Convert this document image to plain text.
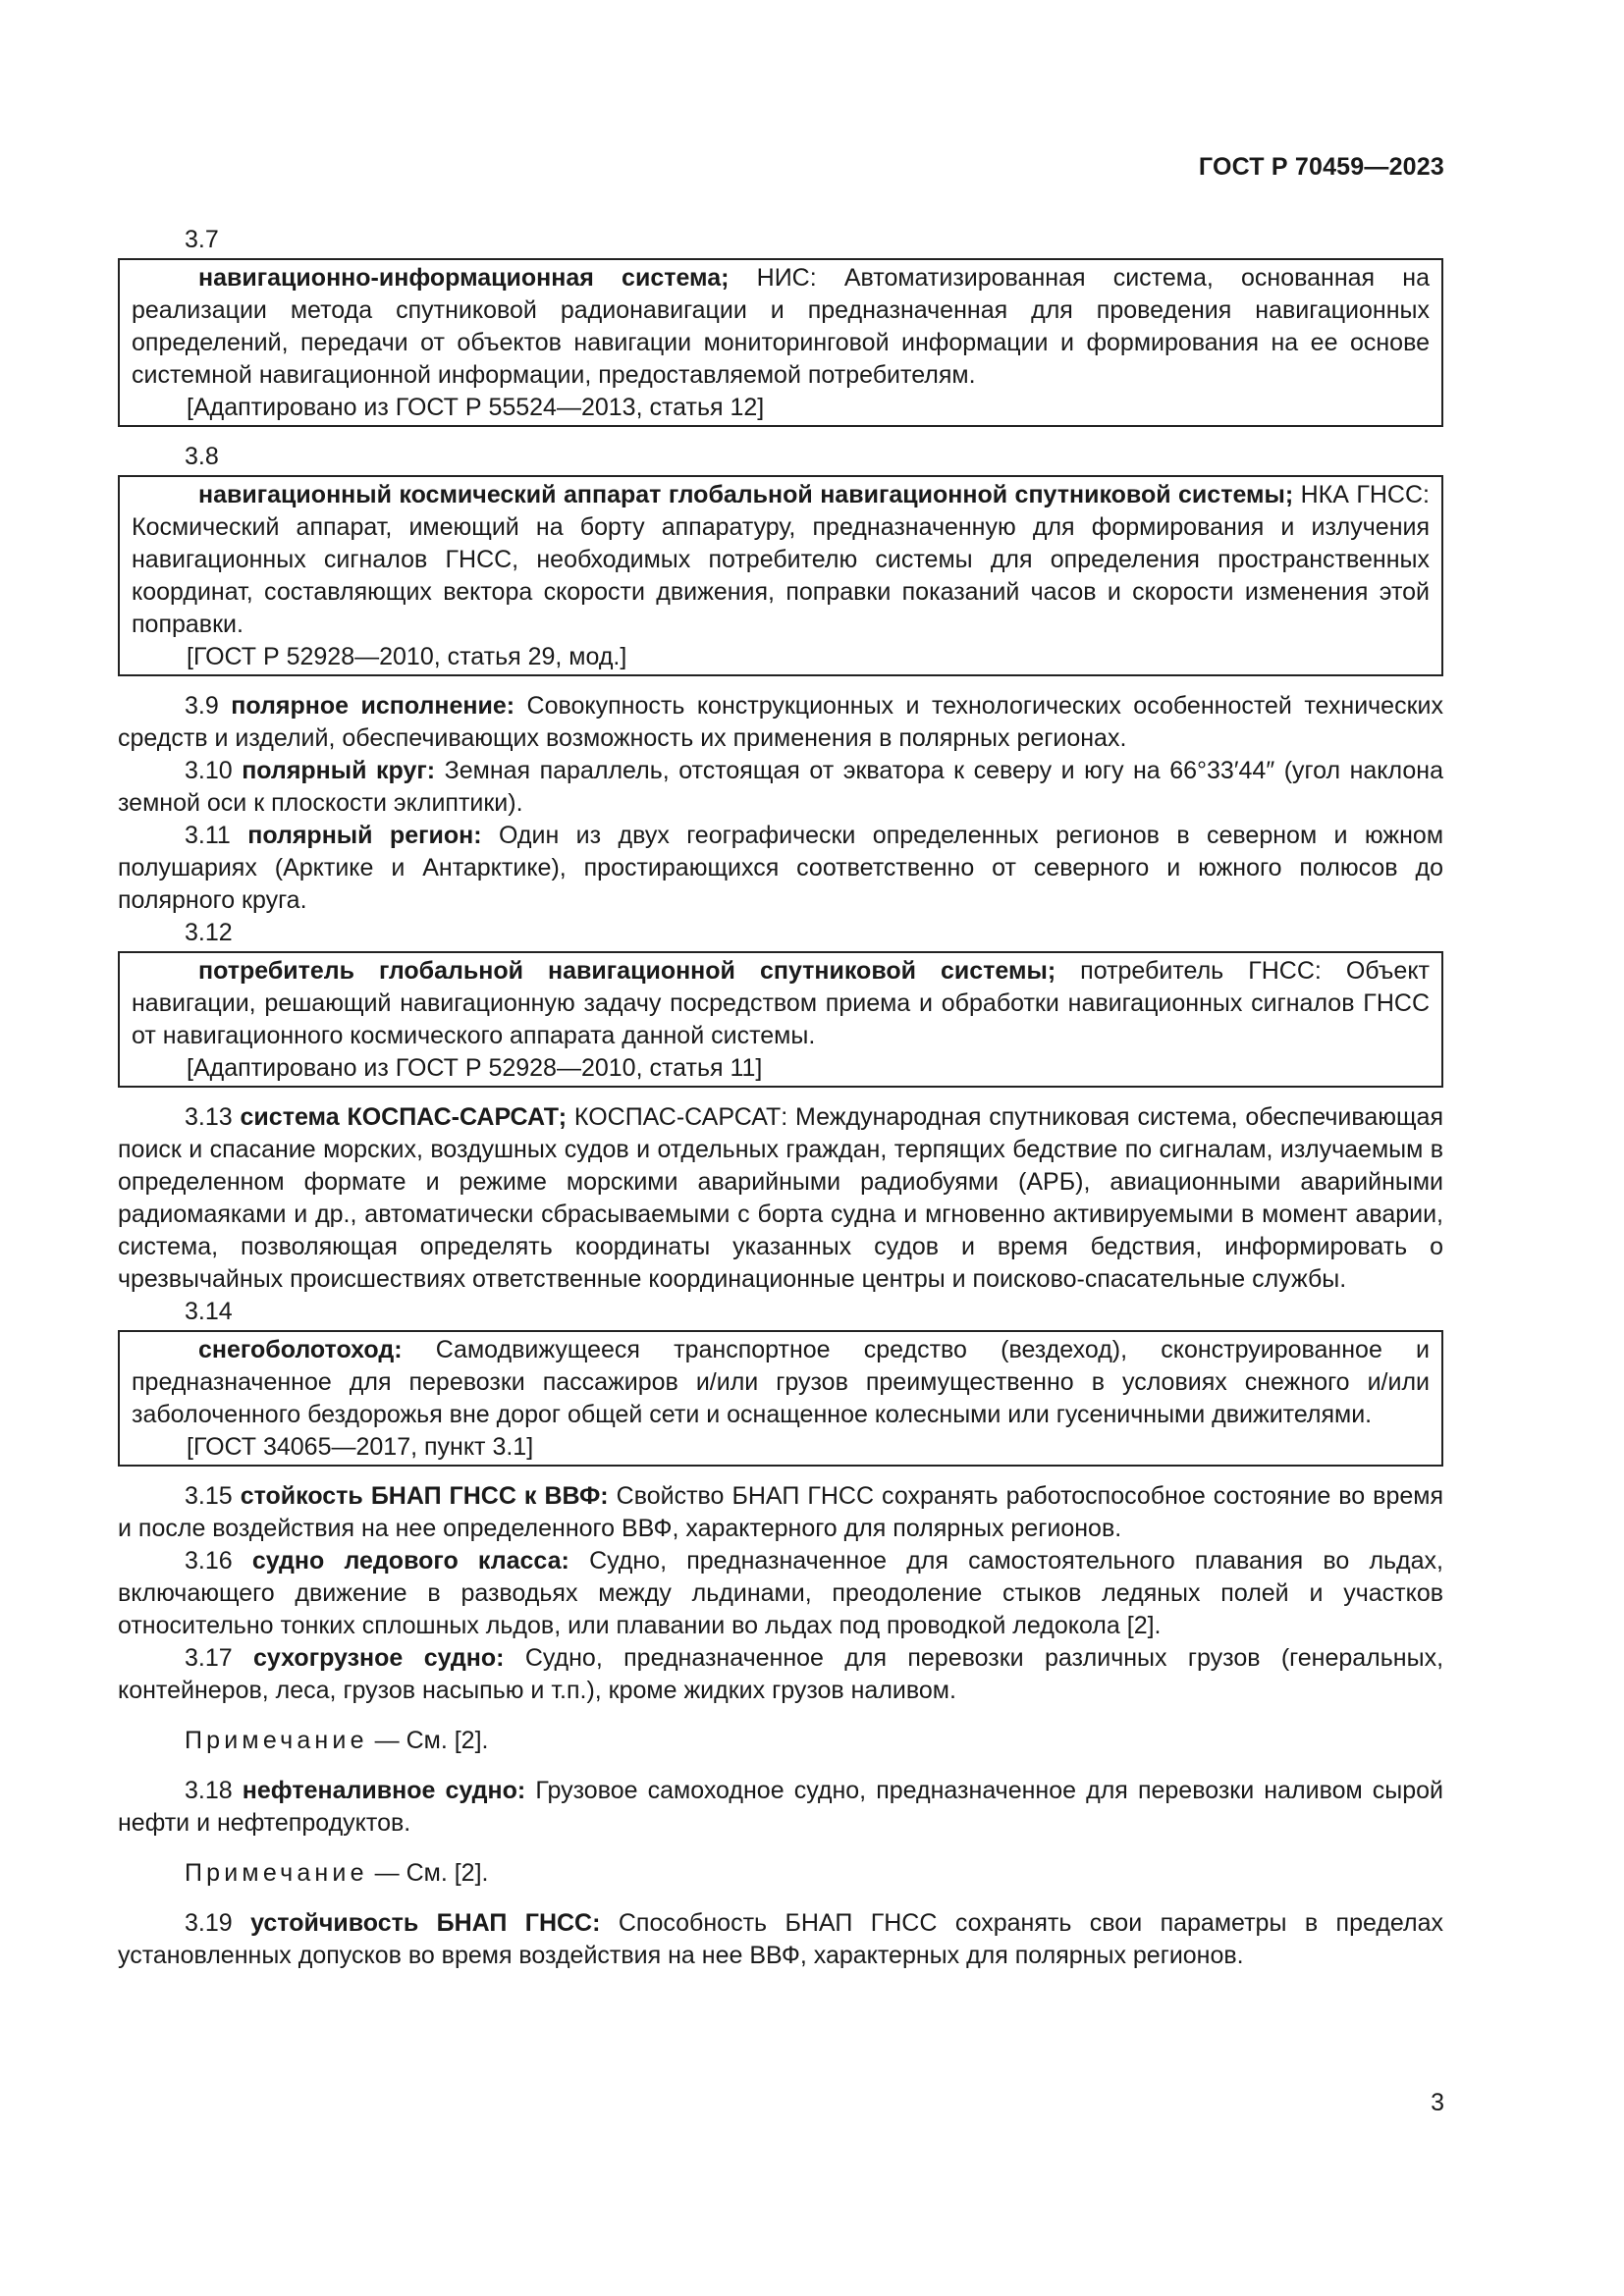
ГОСТ Р 70459—2023

3.7

навигационно-информационная система; НИС: Автоматизированная система, основанная на реализации метода спутниковой радионавигации и предназначенная для проведения навигационных определений, передачи от объектов навигации мониторинговой информации и формирования на ее основе системной навигационной информации, предоставляемой потребителям.

[Адаптировано из ГОСТ Р 55524—2013, статья 12]

3.8

навигационный космический аппарат глобальной навигационной спутниковой системы; НКА ГНСС: Космический аппарат, имеющий на борту аппаратуру, предназначенную для формирования и излучения навигационных сигналов ГНСС, необходимых потребителю системы для определения пространственных координат, составляющих вектора скорости движения, поправки показаний часов и скорости изменения этой поправки.

[ГОСТ Р 52928—2010, статья 29, мод.]

3.9 полярное исполнение: Совокупность конструкционных и технологических особенностей технических средств и изделий, обеспечивающих возможность их применения в полярных регионах.

3.10 полярный круг: Земная параллель, отстоящая от экватора к северу и югу на 66°33′44″ (угол наклона земной оси к плоскости эклиптики).

3.11 полярный регион: Один из двух географически определенных регионов в северном и южном полушариях (Арктике и Антарктике), простирающихся соответственно от северного и южного полюсов до полярного круга.

3.12

потребитель глобальной навигационной спутниковой системы; потребитель ГНСС: Объект навигации, решающий навигационную задачу посредством приема и обработки навигационных сигналов ГНСС от навигационного космического аппарата данной системы.

[Адаптировано из ГОСТ Р 52928—2010, статья 11]

3.13 система КОСПАС-САРСАТ; КОСПАС-САРСАТ: Международная спутниковая система, обеспечивающая поиск и спасание морских, воздушных судов и отдельных граждан, терпящих бедствие по сигналам, излучаемым в определенном формате и режиме морскими аварийными радиобуями (АРБ), авиационными аварийными радиомаяками и др., автоматически сбрасываемыми с борта судна и мгновенно активируемыми в момент аварии, система, позволяющая определять координаты указанных судов и время бедствия, информировать о чрезвычайных происшествиях ответственные координационные центры и поисково-спасательные службы.

3.14

снегоболотоход: Самодвижущееся транспортное средство (вездеход), сконструированное и предназначенное для перевозки пассажиров и/или грузов преимущественно в условиях снежного и/или заболоченного бездорожья вне дорог общей сети и оснащенное колесными или гусеничными движителями.

[ГОСТ 34065—2017, пункт 3.1]

3.15 стойкость БНАП ГНСС к ВВФ: Свойство БНАП ГНСС сохранять работоспособное состояние во время и после воздействия на нее определенного ВВФ, характерного для полярных регионов.

3.16 судно ледового класса: Судно, предназначенное для самостоятельного плавания во льдах, включающего движение в разводьях между льдинами, преодоление стыков ледяных полей и участков относительно тонких сплошных льдов, или плавании во льдах под проводкой ледокола [2].

3.17 сухогрузное судно: Судно, предназначенное для перевозки различных грузов (генеральных, контейнеров, леса, грузов насыпью и т.п.), кроме жидких грузов наливом.

Примечание — См. [2].

3.18 нефтеналивное судно: Грузовое самоходное судно, предназначенное для перевозки наливом сырой нефти и нефтепродуктов.

Примечание — См. [2].

3.19 устойчивость БНАП ГНСС: Способность БНАП ГНСС сохранять свои параметры в пределах установленных допусков во время воздействия на нее ВВФ, характерных для полярных регионов.

3
